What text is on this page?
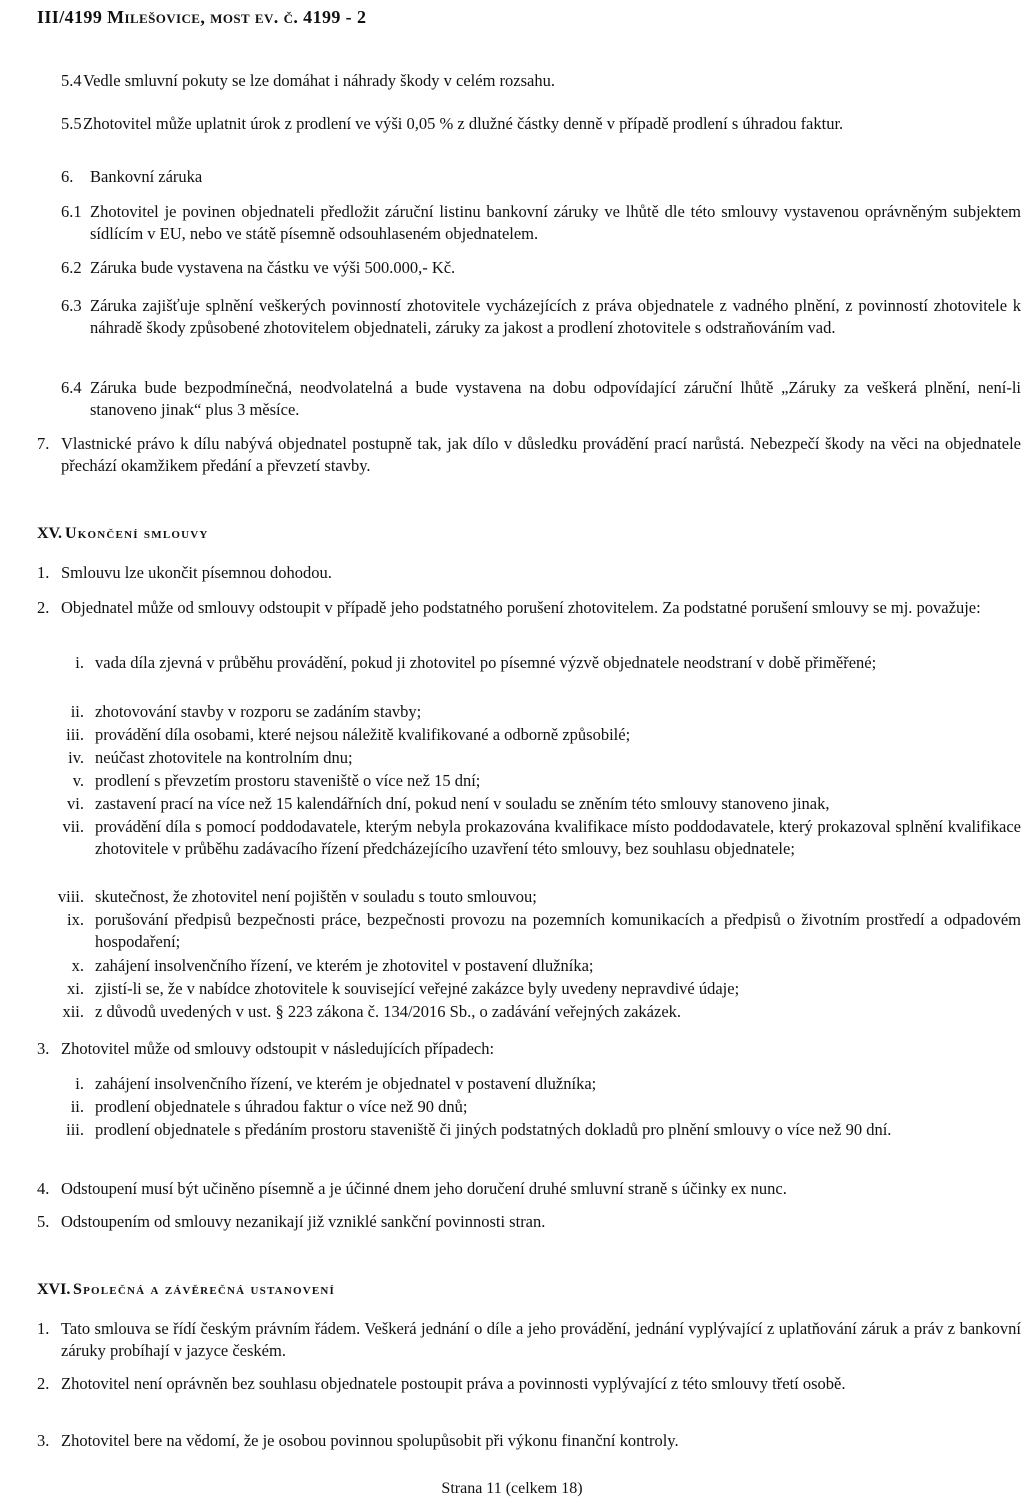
III/4199 Milešovice, most ev. č. 4199 - 2
5.4 Vedle smluvní pokuty se lze domáhat i náhrady škody v celém rozsahu.
5.5 Zhotovitel může uplatnit úrok z prodlení ve výši 0,05 % z dlužné částky denně v případě prodlení s úhradou faktur.
6. Bankovní záruka
6.1 Zhotovitel je povinen objednateli předložit záruční listinu bankovní záruky ve lhůtě dle této smlouvy vystavenou oprávněným subjektem sídlícím v EU, nebo ve státě písemně odsouhlaseném objednatelem.
6.2 Záruka bude vystavena na částku ve výši 500.000,- Kč.
6.3 Záruka zajišťuje splnění veškerých povinností zhotovitele vycházejících z práva objednatele z vadného plnění, z povinností zhotovitele k náhradě škody způsobené zhotovitelem objednateli, záruky za jakost a prodlení zhotovitele s odstraňováním vad.
6.4 Záruka bude bezpodmínečná, neodvolatelná a bude vystavena na dobu odpovídající záruční lhůtě „Záruky za veškerá plnění, není-li stanoveno jinak“ plus 3 měsíce.
7. Vlastnické právo k dílu nabývá objednatel postupně tak, jak dílo v důsledku provádění prací narůstá. Nebezpečí škody na věci na objednatele přechází okamžikem předání a převzetí stavby.
XV. Ukončení smlouvy
1. Smlouvu lze ukončit písemnou dohodou.
2. Objednatel může od smlouvy odstoupit v případě jeho podstatného porušení zhotovitelem. Za podstatné porušení smlouvy se mj. považuje:
i. vada díla zjevná v průběhu provádění, pokud ji zhotovitel po písemné výzvě objednatele neodstraní v době přiměřené;
ii. zhotovování stavby v rozporu se zadáním stavby;
iii. provádění díla osobami, které nejsou náležitě kvalifikované a odborně způsobilé;
iv. neúčast zhotovitele na kontrolním dnu;
v. prodlení s převzetím prostoru staveniště o více než 15 dní;
vi. zastavení prací na více než 15 kalendářních dní, pokud není v souladu se zněním této smlouvy stanoveno jinak,
vii. provádění díla s pomocí poddodavatele, kterým nebyla prokazována kvalifikace místo poddodavatele, který prokazoval splnění kvalifikace zhotovitele v průběhu zadávacího řízení předcházejícího uzavření této smlouvy, bez souhlasu objednatele;
viii. skutečnost, že zhotovitel není pojištěn v souladu s touto smlouvou;
ix. porušování předpisů bezpečnosti práce, bezpečnosti provozu na pozemních komunikacích a předpisů o životním prostředí a odpadovém hospodaření;
x. zahájení insolvenčního řízení, ve kterém je zhotovitel v postavení dlužníka;
xi. zjistí-li se, že v nabídce zhotovitele k související veřejné zakázce byly uvedeny nepravdivé údaje;
xii. z důvodů uvedených v ust. § 223 zákona č. 134/2016 Sb., o zadávání veřejných zakázek.
3. Zhotovitel může od smlouvy odstoupit v následujících případech:
i. zahájení insolvenčního řízení, ve kterém je objednatel v postavení dlužníka;
ii. prodlení objednatele s úhradou faktur o více než 90 dnů;
iii. prodlení objednatele s předáním prostoru staveniště či jiných podstatných dokladů pro plnění smlouvy o více než 90 dní.
4. Odstoupení musí být učiněno písemně a je účinné dnem jeho doručení druhé smluvní straně s účinky ex nunc.
5. Odstoupením od smlouvy nezanikají již vzniklé sankční povinnosti stran.
XVI. Společná a závěrečná ustanovení
1. Tato smlouva se řídí českým právním řádem. Veškerá jednání o díle a jeho provádění, jednání vyplývající z uplatňování záruk a práv z bankovní záruky probíhají v jazyce českém.
2. Zhotovitel není oprávněn bez souhlasu objednatele postoupit práva a povinnosti vyplývající z této smlouvy třetí osobě.
3. Zhotovitel bere na vědomí, že je osobou povinnou spolupůsobit při výkonu finanční kontroly.
Strana 11 (celkem 18)
